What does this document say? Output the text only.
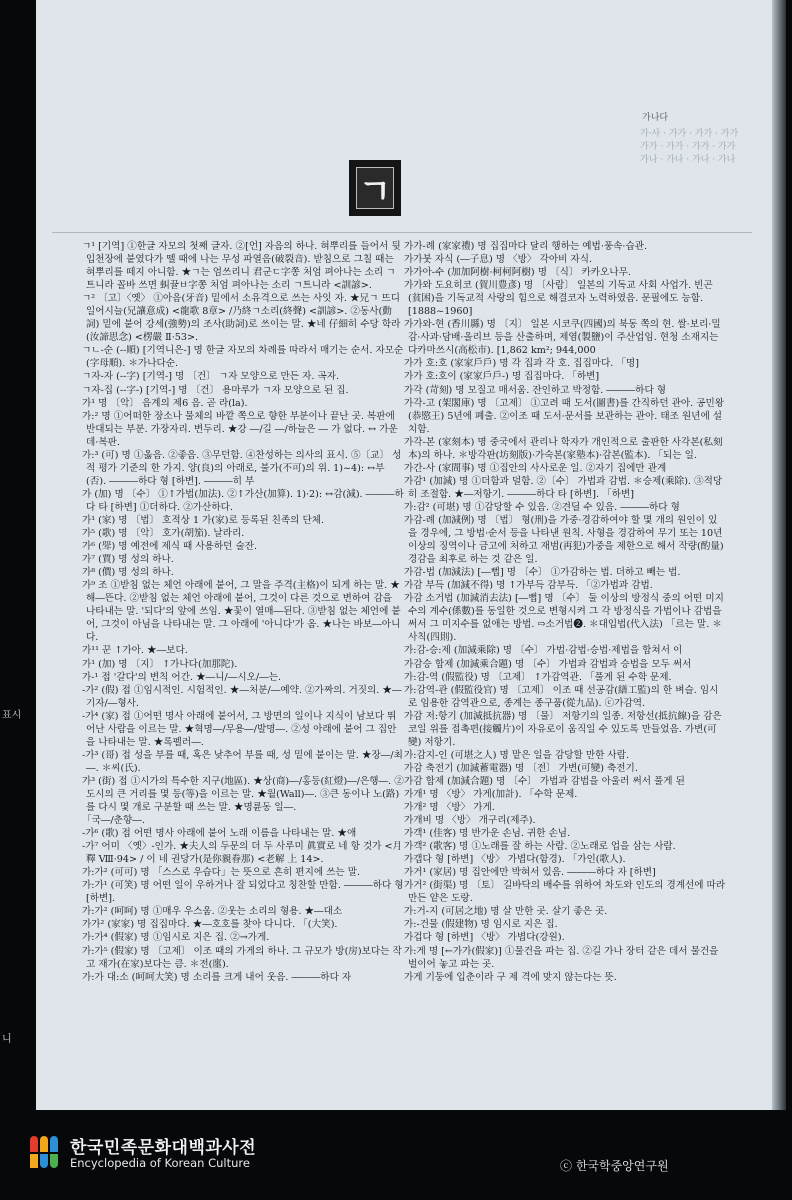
가나다
가·사 · 가가 · 가가 · 가가
가가 · 가가 · 가가 · 가가
가나 · 가나 · 가나 · 가나
ㄱ
ㄱ¹ [기역] ①한글 자모의 첫째 글자. ②[언] 자음의 하나. 혀뿌리를 들어서 뒷 입천장에 붙였다가 뗄 때에 나는 무성 파열음(破裂音). 받침으로 그칠 때는 혀뿌리를 떼지 아니함. ★ㄱ는 엄쓰리니 君군ㄷ字쫑 처엄 펴아나는 소리 ㄱ트니라 꼴바 쓰면 虯뀰ㅂ字쫑 처엄 펴아나는 소리 ㄱ트니라 <訓諺>.
ㄱ² 〔고〕〈옛〉 ①아음(牙音) 밑에서 소유격으로 쓰는 사잇 자. ★兄ㄱ 뜨디 일어시늘(兄讓意成) <龍歌 8章> /乃終ㄱ소리(終聲) <訓諺>. ②동사(動詞) 밑에 붙어 강세(強勢)의 조사(助詞)로 쓰이는 말. ★네 仔細히 수당 학라(汝諦思念) <楞嚴 Ⅱ·53>.
ㄱㄴ-순 (--順) [기역니은-] 명 한글 자모의 차례를 따라서 매기는 순서. 자모순(字母順). ＊가나다순.
ㄱ자-자 (--字) [기역-] 명 〔건〕 ㄱ자 모양으로 만든 자. 곡자.
ㄱ자-집 (--字-) [기역-] 명 〔건〕 용마루가 ㄱ자 모양으로 된 집.
가¹ 명 〔악〕 음계의 제6 음. 곧 라(la).
가:² 명 ①어떠한 장소나 물체의 바깥 쪽으로 향한 부분이나 끝난 곳. 복판에 반대되는 부분. 가장자리. 변두리. ★강 ―/길 ―/하늘은 ― 가 없다. ↔ 가운데·복판.
가:³ (可) 명 ①옳음. ②좋음. ③무던함. ④찬성하는 의사의 표시. ⑤〔교〕 성적 평가 기준의 한 가지. 양(良)의 아래로, 불가(不可)의 위. 1)~4): ↔부(否). ―――하다 형 [하변]. ―――히 부
가 (加) 명 〔수〕 ①↑가법(加法). ②↑가산(加算). 1)·2): ↔감(減). ―――하다 타 [하변] ①더하다. ②가산하다.
가¹ (家) 명 〔법〕 호적상 1 가(家)로 등록된 친족의 단체.
가⁵ (歌) 명 〔악〕 호가(胡笳). 날라리.
가⁶ (斝) 명 예전에 제식 때 사용하던 술잔.
가⁷ (賈) 명 성의 하나.
가⁸ (價) 명 성의 하나.
가⁹ 조 ①받침 없는 체언 아래에 붙어, 그 말을 주격(主格)이 되게 하는 말. ★해―뜬다. ②받침 없는 체언 아래에 붙어, 그것이 다른 것으로 변하여 감을 나타내는 말. '되다'의 앞에 쓰임. ★꽃이 열매―된다. ③받침 없는 체언에 붙어, 그것이 아님을 나타내는 말. 그 아래에 '아니다'가 옴. ★나는 바보―아니다.
가¹¹ 꾼 ↑가아. ★―보다.
가¹ (加) 명 〔지〕 ↑가나다(加那陀).
가-¹ 접 '갈다'의 변칙 어간. ★―니/―시오/―는.
-가² (假) 접 ①임시적인. 시험적인. ★―처분/―예약. ②가짜의. 거짓의. ★―기자/―형사.
-가⁴ (家) 접 ①어떤 명사 아래에 붙어서, 그 방면의 일이나 지식이 남보다 뛰어난 사람을 이르는 말. ★혁명―/무용―/발명―. ②성 아래에 붙어 그 집안을 나타내는 말. ★록펠러―.
-가³ (哥) 접 성을 부를 때, 혹은 낮추어 부를 때, 성 밑에 붙이는 말. ★장―/최―. ＊씨(氏).
가³ (街) 접 ①시가의 특수한 지구(地區). ★상(商)―/홍등(紅燈)―/은행―. ②도시의 큰 거리를 몇 등(等)을 이르는 말. ★월(Wall)―. ③큰 동이나 노(路)를 다시 몇 개로 구분할 때 쓰는 말. ★명륜동 일―.
「국―/춘향―.
-가⁶ (歌) 접 어떤 명사 아래에 붙어 노래 이름을 나타내는 말. ★애
-가⁷ 어미 〈옛〉-인가. ★夫人의 두문의 더 두 사루미 眞實로 네 항 것가 <月釋 Ⅷ·94> / 이 네 권당가(是你親眷那) <老解 上 14>.
가:가² (可可) 명 「스스로 우습다」는 뜻으로 흔히 편지에 쓰는 말.
가:가¹ (可笑) 명 어떤 일이 우하거나 잘 되었다고 칭찬할 만함. ―――하다 형 [하변].
가:가² (呵呵) 명 ①매우 우스움. ②웃는 소리의 형용. ★―대소
가가² (家家) 명 집집마다. ★―호호를 찾아 다니다. 「(大笑).
가:가⁴ (假家) 명 ①임시로 지은 집. ②→가게.
가:가⁵ (假家) 명 〔고제〕 이조 때의 가게의 하나. 그 규모가 방(房)보다는 작고 재가(在家)보다는 큼. ＊전(廛).
가:가 대:소 (呵呵大笑) 명 소리를 크게 내어 웃음. ―――하다 자
가가-례 (家家禮) 명 집집마다 달리 행하는 예법·풍속·습관.
가가붓 자식 (―子息) 명 〈방〉 각아비 자식.
가가아-수 (加加阿樹·柯柯阿樹) 명 〔식〕 카카오나무.
가가와 도요히코 (賀川豊彥) 명 〔사람〕 일본의 기독교 사회 사업가. 빈곤(貧困)을 기독교적 사랑의 힘으로 해결코자 노력하였음. 문필에도 능함. [1888~1960]
가가와-현 (香川縣) 명 〔지〕 일본 시코쿠(四國)의 북동 쪽의 현. 쌀·보리·밀감·사과·담배·올리브 등을 산출하며, 제염(製鹽)이 주산업임. 현청 소재지는 다카마쓰시(高松市). [1,862 km²; 944,000
가가 호:호 (家家戶戶) 명 각 집과 각 호. 집집마다. 「명]
가가 호:호이 (家家戶戶-) 명 집집마다. 「하변]
가각 (苛刻) 명 모질고 매서움. 잔인하고 박정함. ―――하다 형
가각-고 (架閣庫) 명 〔고제〕 ①고려 때 도서(圖書)를 간직하던 관아. 공민왕(恭愍王) 5년에 폐출. ②이조 때 도서·문서를 보관하는 관아. 태조 원년에 설치함.
가각-본 (家刻本) 명 중국에서 관리나 학자가 개인적으로 출판한 사각본(私刻本)의 하나. ＊방각판(坊刻版)·가숙본(家塾本)·감본(監本). 「되는 일.
가간-사 (家間事) 명 ①집안의 사사로운 일. ②자기 집에만 관계
가감¹ (加減) 명 ①더함과 덜함. ②〔수〕 가법과 감법. ＊승제(乘除). ③적당히 조절함. ★―저항기. ―――하다 타 [하변]. 「하변]
가:감² (可堪) 명 ①감당할 수 있음. ②견딜 수 있음. ―――하다 형
가감-례 (加減例) 명 〔법〕 형(刑)을 가중·경감하여야 할 몇 개의 원인이 있을 경우에, 그 방법·순서 등을 나타낸 원칙. 사형을 경감하여 무기 또는 10년 이상의 징역이나 금고에 처하고 재범(再犯)가중을 제한으로 해서 작량(酌量) 경감을 최후로 하는 것 같은 일.
가감-법 (加減法) [―뻡] 명 〔수〕 ①가감하는 법. 더하고 빼는 법.
가감 부득 (加減不得) 명 ↑가부득 감부득. 「②가법과 감법.
가감 소거법 (加減消去法) [―뻡] 명 〔수〕 둘 이상의 방정식 중의 어떤 미지수의 계수(係數)를 동일한 것으로 변형시켜 그 각 방정식을 가법이나 감법을 써서 그 미지수를 없애는 방법. ⇨소거법❷. ＊대입법(代入法) 「르는 말. ＊사칙(四則).
가:감-승:제 (加減乘除) 명 〔수〕 가법·감법·승법·제법을 합쳐서 이
가감승 합제 (加減乘合題) 명 〔수〕 가법과 감법과 승법을 모두 써서
가:감-역 (假監役) 명 〔고제〕 ↑가감역관. 「풀게 된 수학 문제.
가:감역-관 (假監役官) 명 〔고제〕 이조 때 선공감(繕工監)의 한 벼슬. 임시로 임용한 감역관으로, 종계는 종구품(從九品). ⓒ가감역.
가감 저:항기 (加減抵抗器) 명 〔물〕 저항기의 일종. 저항선(抵抗線)을 감은 코일 위를 접촉편(接觸片)이 자유로이 움직일 수 있도록 만들었음. 가변(可變) 저항기.
가:감지-인 (可堪之人) 명 맡은 일을 감당할 만한 사람.
가감 축전기 (加減蓄電器) 명 〔전〕 가변(可變) 축전기.
가감 합제 (加減合題) 명 〔수〕 가법과 감법을 아울러 써서 풀게 된
가개¹ 명 〈방〉 가게(加計). 「수학 문제.
가개² 명 〈방〉 가게.
가개비 명 〈방〉 개구리(제주).
가객¹ (佳客) 명 반가운 손님. 귀한 손님.
가객² (歌客) 명 ①노래를 잘 하는 사람. ②노래로 업을 삼는 사람.
가갭다 형 [하변] 〈방〉 가볍다(함경). 「가인(歌人).
가거¹ (家居) 명 집안에만 박혀서 있음. ―――하다 자 [하변]
가거² (街渠) 명 〔토〕 길바닥의 배수를 위하여 차도와 인도의 경계선에 따라 만든 얕은 도랑.
가:거-지 (可居之地) 명 살 만한 곳. 살기 좋은 곳.
가:-건물 (假建物) 명 임시로 지은 집.
가겁다 형 [하변] 〈방〉 가볍다(강원).
가:게 명 [←가가(假家)] ①물건을 파는 집. ②길 가나 장터 같은 데서 물건을 벌이어 놓고 파는 곳.
가게 기둥에 입춘이라 구 제 격에 맞지 않는다는 뜻.
표시
니
한국민족문화대백과사전
Encyclopedia of Korean Culture	ⓒ 한국학중앙연구원
